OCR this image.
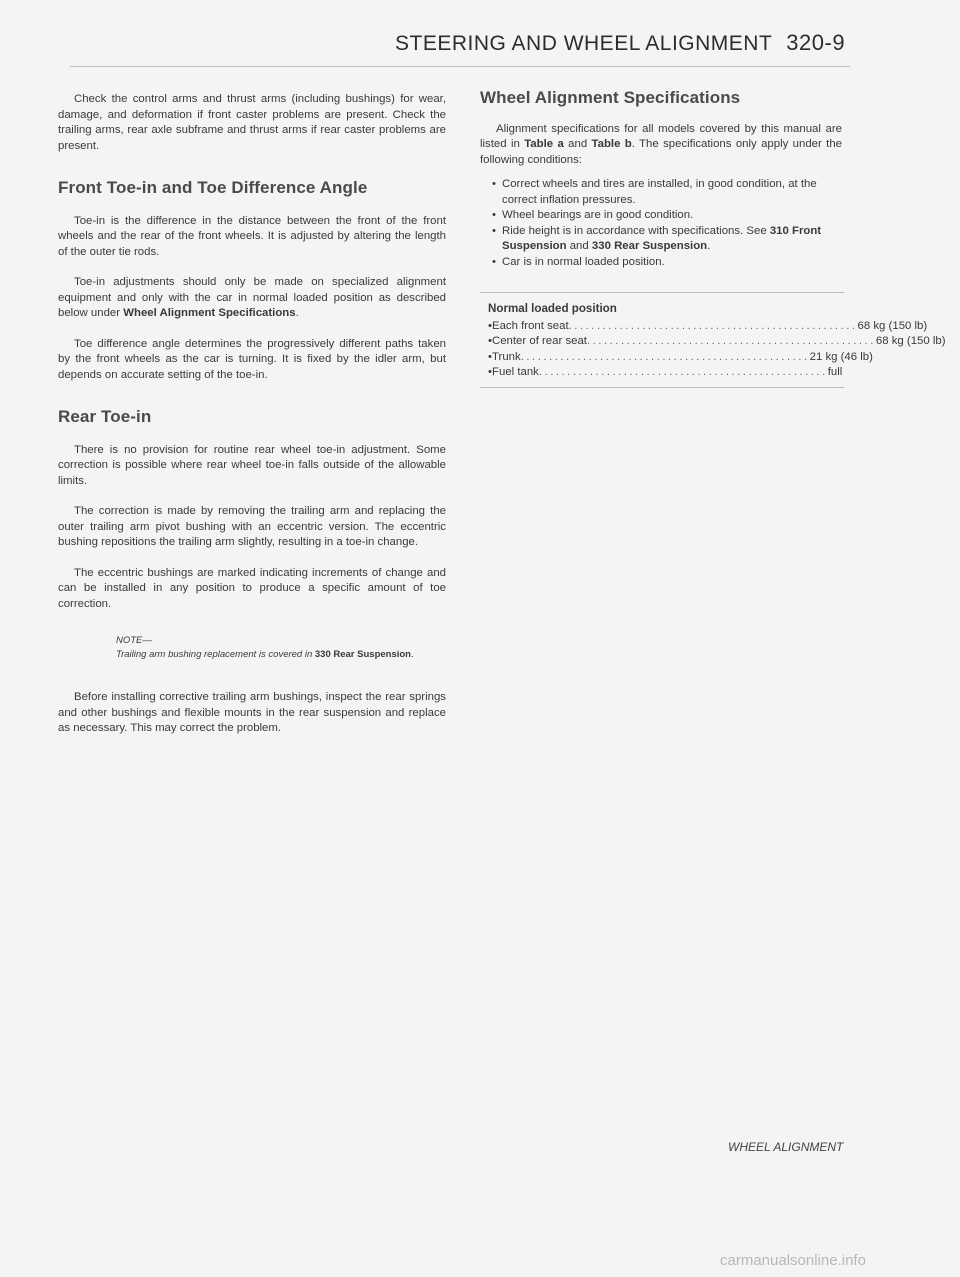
STEERING AND WHEEL ALIGNMENT 320-9

Check the control arms and thrust arms (including bushings) for wear, damage, and deformation if front caster problems are present. Check the trailing arms, rear axle subframe and thrust arms if rear caster problems are present.

Front Toe-in and Toe Difference Angle

Toe-in is the difference in the distance between the front of the front wheels and the rear of the front wheels. It is adjusted by altering the length of the outer tie rods.

Toe-in adjustments should only be made on specialized alignment equipment and only with the car in normal loaded position as described below under Wheel Alignment Specifications.

Toe difference angle determines the progressively different paths taken by the front wheels as the car is turning. It is fixed by the idler arm, but depends on accurate setting of the toe-in.

Rear Toe-in

There is no provision for routine rear wheel toe-in adjustment. Some correction is possible where rear wheel toe-in falls outside of the allowable limits.

The correction is made by removing the trailing arm and replacing the outer trailing arm pivot bushing with an eccentric version. The eccentric bushing repositions the trailing arm slightly, resulting in a toe-in change.

The eccentric bushings are marked indicating increments of change and can be installed in any position to produce a specific amount of toe correction.

NOTE—
Trailing arm bushing replacement is covered in 330 Rear Suspension.

Before installing corrective trailing arm bushings, inspect the rear springs and other bushings and flexible mounts in the rear suspension and replace as necessary. This may correct the problem.

Wheel Alignment Specifications

Alignment specifications for all models covered by this manual are listed in Table a and Table b. The specifications only apply under the following conditions:

• Correct wheels and tires are installed, in good condition, at the correct inflation pressures.
• Wheel bearings are in good condition.
• Ride height is in accordance with specifications. See 310 Front Suspension and 330 Rear Suspension.
• Car is in normal loaded position.
Normal loaded position
• Each front seat ................................................... 68 kg (150 lb)
• Center of rear seat ................................................... 68 kg (150 lb)
• Trunk ................................................... 21 kg (46 lb)
• Fuel tank ................................................... full
WHEEL ALIGNMENT
carmanualsonline.info
